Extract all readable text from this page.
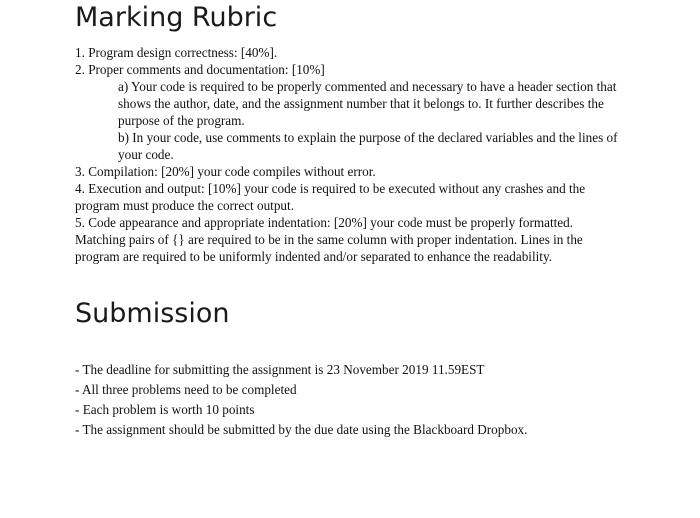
Marking Rubric

1. Program design correctness: [40%].

2. Proper comments and documentation: [10%]

a) Your code is required to be properly commented and necessary to have a header section that shows the author, date, and the assignment number that it belongs to. It further describes the purpose of the program.

b) In your code, use comments to explain the purpose of the declared variables and the lines of your code.

3. Compilation: [20%] your code compiles without error.

4. Execution and output: [10%] your code is required to be executed without any crashes and the program must produce the correct output.

5. Code appearance and appropriate indentation: [20%] your code must be properly formatted. Matching pairs of {} are required to be in the same column with proper indentation. Lines in the program are required to be uniformly indented and/or separated to enhance the readability.

Submission

- The deadline for submitting the assignment is 23 November 2019 11.59EST

- All three problems need to be completed

- Each problem is worth 10 points

- The assignment should be submitted by the due date using the Blackboard Dropbox.
